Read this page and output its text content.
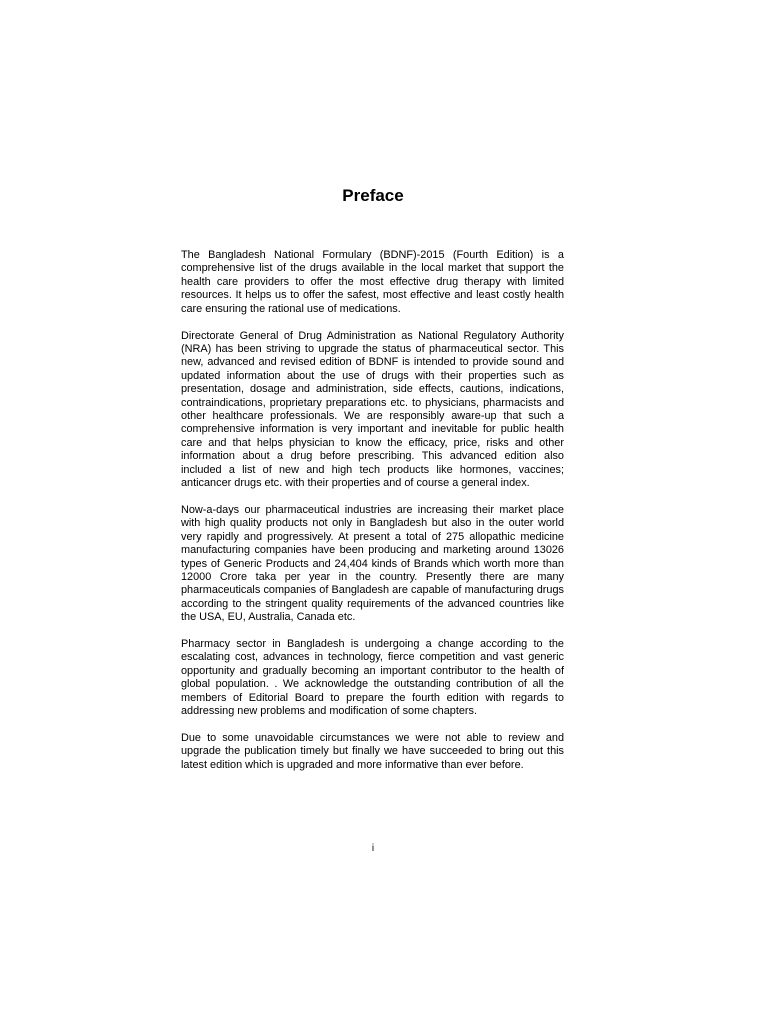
Preface

The Bangladesh National Formulary (BDNF)-2015 (Fourth Edition) is a comprehensive list of the drugs available in the local market that support the health care providers to offer the most effective drug therapy with limited resources. It helps us to offer the safest, most effective and least costly health care ensuring the rational use of medications.

Directorate General of Drug Administration as National Regulatory Authority (NRA) has been striving to upgrade the status of pharmaceutical sector. This new, advanced and revised edition of BDNF is intended to provide sound and updated information about the use of drugs with their properties such as presentation, dosage and administration, side effects, cautions, indications, contraindications, proprietary preparations etc. to physicians, pharmacists and other healthcare professionals. We are responsibly aware-up that such a comprehensive information is very important and inevitable for public health care and that helps physician to know the efficacy, price, risks and other information about a drug before prescribing. This advanced edition also included a list of new and high tech products like hormones, vaccines; anticancer drugs etc. with their properties and of course a general index.

Now-a-days our pharmaceutical industries are increasing their market place with high quality products not only in Bangladesh but also in the outer world very rapidly and progressively. At present a total of 275 allopathic medicine manufacturing companies have been producing and marketing around 13026 types of Generic Products and 24,404 kinds of Brands which worth more than 12000 Crore taka per year in the country. Presently there are many pharmaceuticals companies of Bangladesh are capable of manufacturing drugs according to the stringent quality requirements of the advanced countries like the USA, EU, Australia, Canada etc.

Pharmacy sector in Bangladesh is undergoing a change according to the escalating cost, advances in technology, fierce competition and vast generic opportunity and gradually becoming an important contributor to the health of global population. . We acknowledge the outstanding contribution of all the members of Editorial Board to prepare the fourth edition with regards to addressing new problems and modification of some chapters.

Due to some unavoidable circumstances we were not able to review and upgrade the publication timely but finally we have succeeded to bring out this latest edition which is upgraded and more informative than ever before.

i
